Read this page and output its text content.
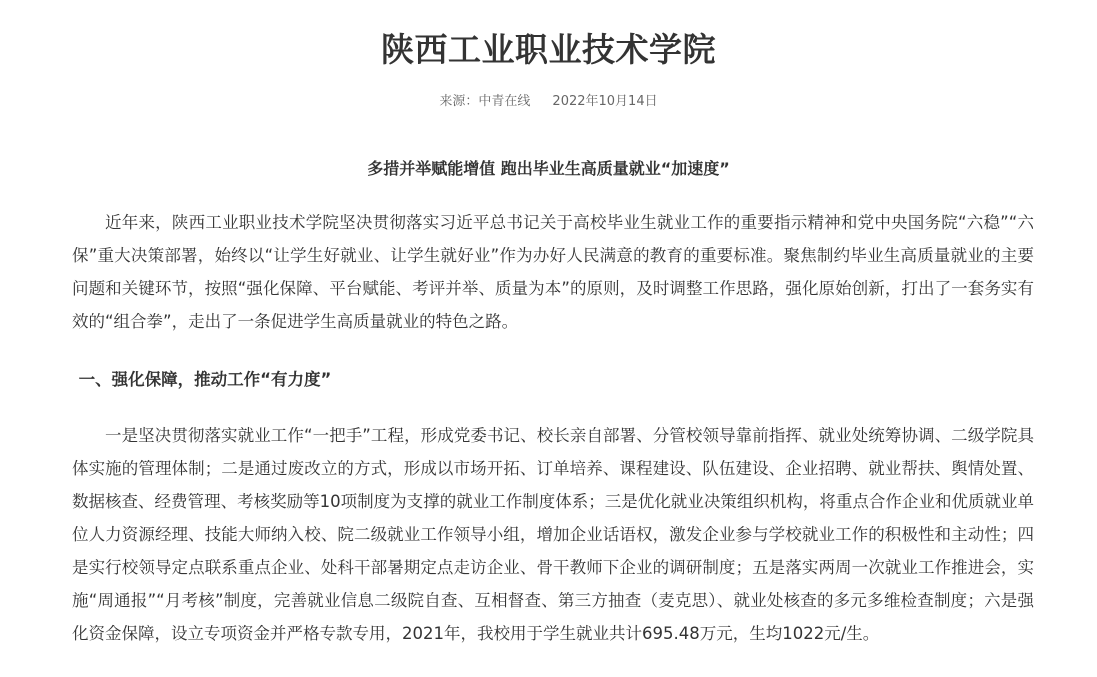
陕西工业职业技术学院
来源：中青在线 2022年10月14日
多措并举赋能增值 跑出毕业生高质量就业“加速度”

近年来，陕西工业职业技术学院坚决贯彻落实习近平总书记关于高校毕业生就业工作的重要指示精神和党中央国务院“六稳”“六保”重大决策部署，始终以“让学生好就业、让学生就好业”作为办好人民满意的教育的重要标准。聚焦制约毕业生高质量就业的主要问题和关键环节，按照“强化保障、平台赋能、考评并举、质量为本”的原则，及时调整工作思路，强化原始创新，打出了一套务实有效的“组合拳”，走出了一条促进学生高质量就业的特色之路。

一、强化保障，推动工作“有力度”

一是坚决贯彻落实就业工作“一把手”工程，形成党委书记、校长亲自部署、分管校领导靠前指挥、就业处统筹协调、二级学院具体实施的管理体制；二是通过废改立的方式，形成以市场开拓、订单培养、课程建设、队伍建设、企业招聘、就业帮扶、舆情处置、数据核查、经费管理、考核奖励等10项制度为支撑的就业工作制度体系；三是优化就业决策组织机构，将重点合作企业和优质就业单位人力资源经理、技能大师纳入校、院二级就业工作领导小组，增加企业话语权，激发企业参与学校就业工作的积极性和主动性；四是实行校领导定点联系重点企业、处科干部暑期定点走访企业、骨干教师下企业的调研制度；五是落实两周一次就业工作推进会，实施“周通报”“月考核”制度，完善就业信息二级院自查、互相督查、第三方抽查（麦克思）、就业处核查的多元多维检查制度；六是强化资金保障，设立专项资金并严格专款专用，2021年，我校用于学生就业共计695.48万元，生均1022元/生。
